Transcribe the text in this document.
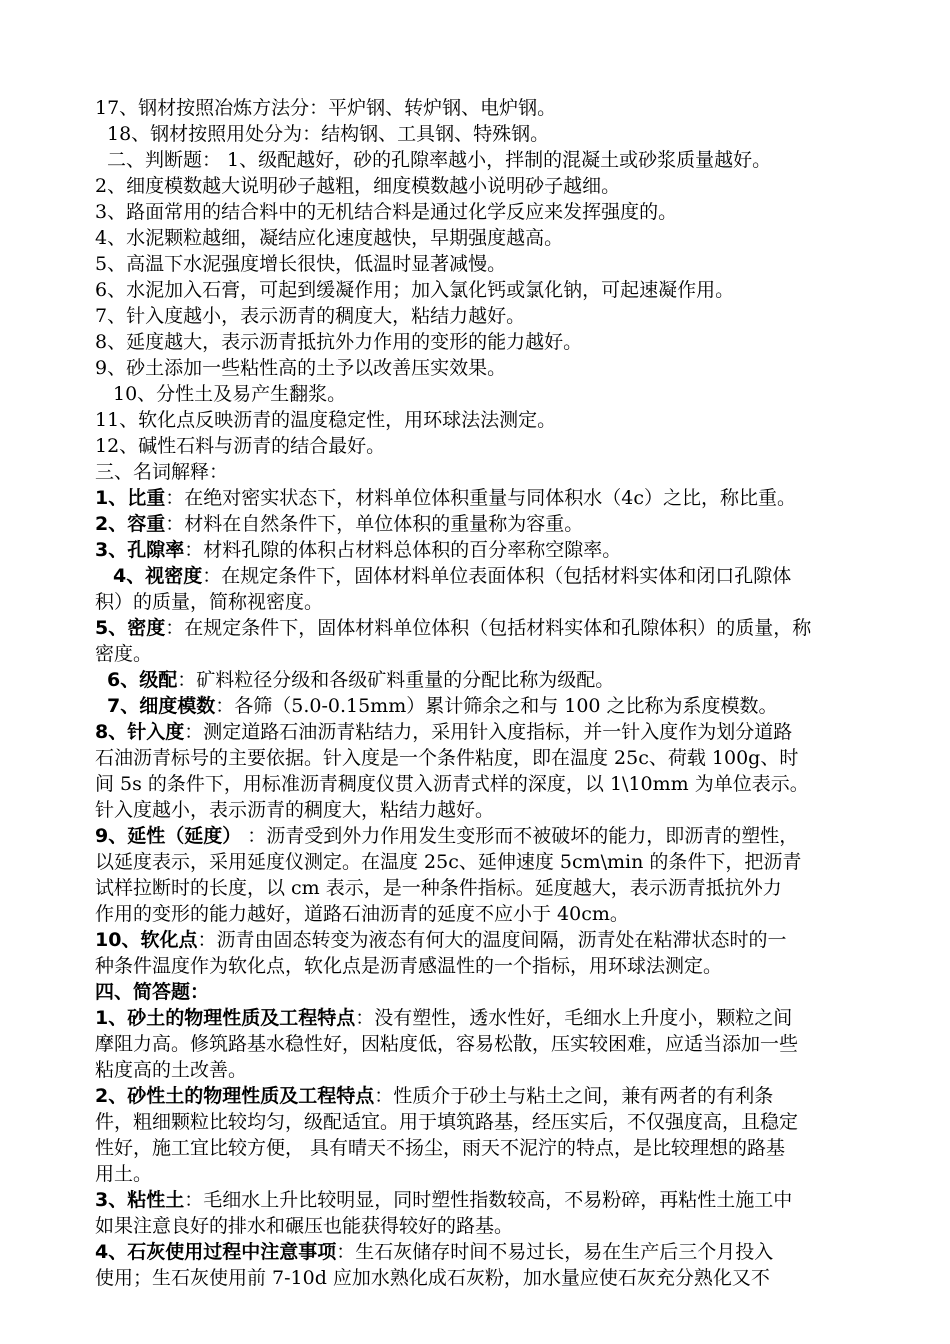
17、钢材按照冶炼方法分：平炉钢、转炉钢、电炉钢。
18、钢材按照用处分为：结构钢、工具钢、特殊钢。
二、判断题： 1、级配越好，砂的孔隙率越小，拌制的混凝土或砂浆质量越好。
2、细度模数越大说明砂子越粗，细度模数越小说明砂子越细。
3、路面常用的结合料中的无机结合料是通过化学反应来发挥强度的。
4、水泥颗粒越细，凝结应化速度越快，早期强度越高。
5、高温下水泥强度增长很快，低温时显著减慢。
6、水泥加入石膏，可起到缓凝作用；加入氯化钙或氯化钠，可起速凝作用。
7、针入度越小，表示沥青的稠度大，粘结力越好。
8、延度越大，表示沥青抵抗外力作用的变形的能力越好。
9、砂土添加一些粘性高的土予以改善压实效果。
10、分性土及易产生翻浆。
11、软化点反映沥青的温度稳定性，用环球法法测定。
12、碱性石料与沥青的结合最好。
三、名词解释：
1、比重：在绝对密实状态下，材料单位体积重量与同体积水（4c）之比，称比重。
2、容重：材料在自然条件下，单位体积的重量称为容重。
3、孔隙率：材料孔隙的体积占材料总体积的百分率称空隙率。
4、视密度：在规定条件下，固体材料单位表面体积（包括材料实体和闭口孔隙体
积）的质量，简称视密度。
5、密度：在规定条件下，固体材料单位体积（包括材料实体和孔隙体积）的质量，称
密度。
6、级配：矿料粒径分级和各级矿料重量的分配比称为级配。
7、细度模数：各筛（5.0-0.15mm）累计筛余之和与 100 之比称为系度模数。
8、针入度：测定道路石油沥青粘结力，采用针入度指标，并一针入度作为划分道路
石油沥青标号的主要依据。针入度是一个条件粘度，即在温度 25c、荷载 100g、时
间 5s 的条件下，用标准沥青稠度仪贯入沥青式样的深度，以 1\10mm 为单位表示。
针入度越小，表示沥青的稠度大，粘结力越好。
9、延性（延度） ：沥青受到外力作用发生变形而不被破坏的能力，即沥青的塑性，
以延度表示，采用延度仪测定。在温度 25c、延伸速度 5cm\min 的条件下，把沥青
试样拉断时的长度，以 cm 表示，是一种条件指标。延度越大，表示沥青抵抗外力
作用的变形的能力越好，道路石油沥青的延度不应小于 40cm。
10、软化点：沥青由固态转变为液态有何大的温度间隔，沥青处在粘滞状态时的一
种条件温度作为软化点，软化点是沥青感温性的一个指标，用环球法测定。
四、简答题：
1、砂土的物理性质及工程特点：没有塑性，透水性好，毛细水上升度小，颗粒之间
摩阻力高。修筑路基水稳性好，因粘度低，容易松散，压实较困难，应适当添加一些
粘度高的土改善。
2、砂性土的物理性质及工程特点：性质介于砂土与粘土之间，兼有两者的有利条
件，粗细颗粒比较均匀，级配适宜。用于填筑路基，经压实后，不仅强度高，且稳定
性好，施工宜比较方便， 具有晴天不扬尘，雨天不泥泞的特点，是比较理想的路基
用土。
3、粘性土：毛细水上升比较明显，同时塑性指数较高，不易粉碎，再粘性土施工中
如果注意良好的排水和碾压也能获得较好的路基。
4、石灰使用过程中注意事项：生石灰储存时间不易过长，易在生产后三个月投入
使用；生石灰使用前 7-10d 应加水熟化成石灰粉，加水量应使石灰充分熟化又不
